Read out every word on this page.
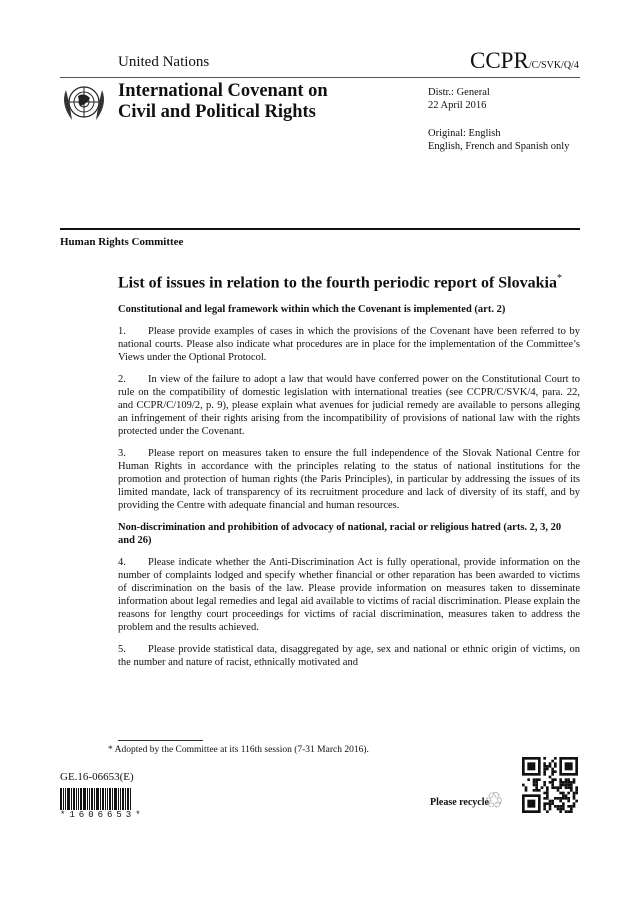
United Nations	CCPR/C/SVK/Q/4
International Covenant on
Civil and Political Rights
Distr.: General
22 April 2016
Original: English
English, French and Spanish only
Human Rights Committee
List of issues in relation to the fourth periodic report of Slovakia*
Constitutional and legal framework within which the Covenant is implemented (art. 2)

1. Please provide examples of cases in which the provisions of the Covenant have been referred to by national courts. Please also indicate what procedures are in place for the implementation of the Committee’s Views under the Optional Protocol.

2. In view of the failure to adopt a law that would have conferred power on the Constitutional Court to rule on the compatibility of domestic legislation with international treaties (see CCPR/C/SVK/4, para. 22, and CCPR/C/109/2, p. 9), please explain what avenues for judicial remedy are available to persons alleging an infringement of their rights arising from the incompatibility of provisions of national law with the rights protected under the Covenant.

3. Please report on measures taken to ensure the full independence of the Slovak National Centre for Human Rights in accordance with the principles relating to the status of national institutions for the promotion and protection of human rights (the Paris Principles), in particular by addressing the issues of its limited mandate, lack of transparency of its recruitment procedure and lack of diversity of its staff, and by providing the Centre with adequate financial and human resources.

Non-discrimination and prohibition of advocacy of national, racial or religious hatred (arts. 2, 3, 20 and 26)

4. Please indicate whether the Anti-Discrimination Act is fully operational, provide information on the number of complaints lodged and specify whether financial or other reparation has been awarded to victims of discrimination on the basis of the law. Please provide information on measures taken to disseminate information about legal remedies and legal aid available to victims of racial discrimination. Please explain the reasons for lengthy court proceedings for victims of racial discrimination, measures taken to address the problem and the results achieved.

5. Please provide statistical data, disaggregated by age, sex and national or ethnic origin of victims, on the number and nature of racist, ethnically motivated and

* Adopted by the Committee at its 116th session (7-31 March 2016).
GE.16-06653(E)
*1606653*
Please recycle
♲
